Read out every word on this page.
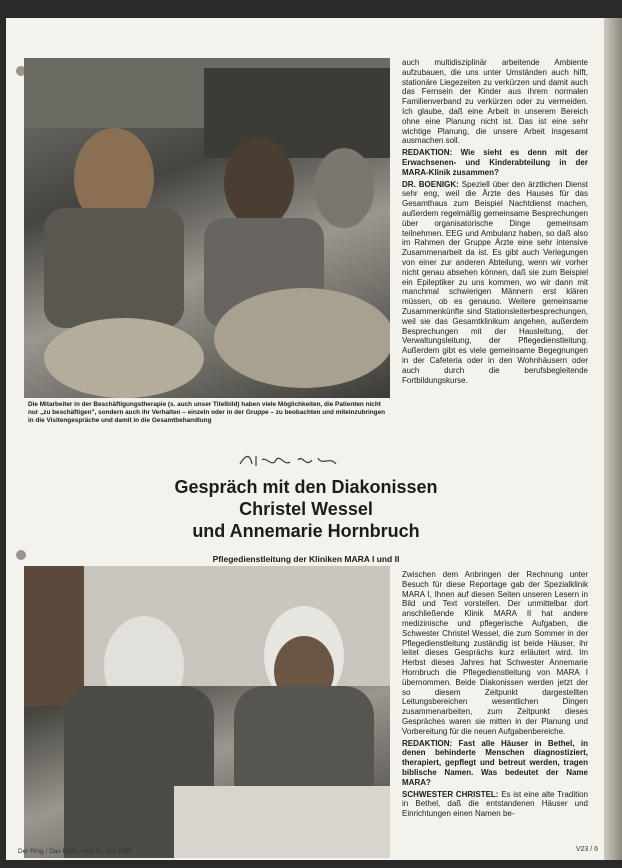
Die Mitarbeiter in der Beschäftigungstherapie (s. auch unser Titelbild) haben viele Möglichkeiten, die Patienten nicht nur „zu beschäftigen", sondern auch ihr Verhalten – einzeln oder in der Gruppe – zu beobachten und miteinzubringen in die Visitengespräche und damit in die Gesamtbehandlung

auch multidisziplinär arbeitende Ambiente aufzubauen, die uns unter Umständen auch hilft, stationäre Liegezeiten zu verkürzen und damit auch das Fernsein der Kinder aus ihrem normalen Familienverband zu verkürzen oder zu vermeiden. Ich glaube, daß eine Arbeit in unserem Bereich ohne eine Planung nicht ist. Das ist eine sehr wichtige Planung, die unsere Arbeit insgesamt ausmachen soll.

REDAKTION: Wie sieht es denn mit der Erwachsenen- und Kinderabteilung in der MARA-Klinik zusammen?

DR. BOENIGK: Speziell über den ärztlichen Dienst sehr eng, weil die Ärzte des Hauses für das Gesamthaus zum Beispiel Nachtdienst machen, außerdem regelmäßig gemeinsame Besprechungen über organisatorische Dinge gemeinsam teilnehmen. EEG und Ambulanz haben, so daß also im Rahmen der Gruppe Ärzte eine sehr intensive Zusammenarbeit da ist. Es gibt auch Verlegungen von einer zur anderen Abteilung, wenn wir vorher nicht genau absehen können, daß sie zum Beispiel ein Epileptiker zu uns kommen, wo wir dann mit manchmal schwierigen Männern erst klären müssen, ob es genauso. Weitere gemeinsame Zusammenkünfte sind Stationsleiterbesprechungen, weil sie das Gesamtklinikum angehen, außerdem Besprechungen mit der Hausleitung, der Verwaltungsleitung, der Pflegedienstleitung. Außerdem gibt es viele gemeinsame Begegnungen in der Cafeteria oder in den Wohnhäusern oder auch durch die berufsbegleitende Fortbildungskurse.

Gespräch mit den Diakonissen
Christel Wessel
und Annemarie Hornbruch
Pflegedienstleitung der Kliniken MARA I und II

Zwischen dem Anbringen der Rechnung unter Besuch für diese Reportage gab der Spezialklinik MARA I, Ihnen auf diesen Seiten unseren Lesern in Bild und Text vorstellen. Der unmittelbar dort anschließende Klinik MARA II hat andere medizinische und pflegerische Aufgaben, die Schwester Christel Wessel, die zum Sommer in der Pflegedienstleitung zuständig ist beide Häuser, ihr leitet dieses Gesprächs kurz erläutert wird. Im Herbst dieses Jahres hat Schwester Annemarie Hornbruch die Pflegedienstleitung von MARA I übernommen. Beide Diakonissen werden jetzt der so diesem Zeitpunkt dargestellten Leitungsbereichen wesentlichen Dingen zusammenarbeiten, zum Zeitpunkt dieses Gespräches waren sie mitten in der Planung und Vorbereitung für die neuen Aufgabenbereiche.

REDAKTION: Fast alle Häuser in Bethel, in denen behinderte Menschen diagnostiziert, therapiert, gepflegt und betreut werden, tragen biblische Namen. Was bedeutet der Name MARA?

SCHWESTER CHRISTEL: Es ist eine alte Tradition in Bethel, daß die entstandenen Häuser und Einrichtungen einen Namen be-

Der Ring / Das Blatt · Heft 11, Mai 1988	V23 / 6
